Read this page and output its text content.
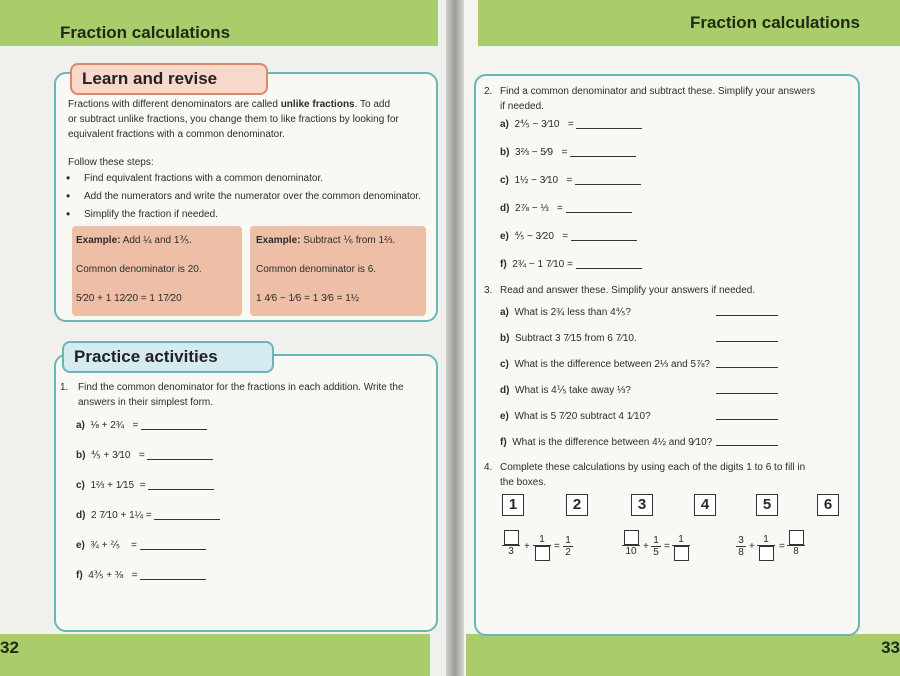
Fraction calculations
Fraction calculations
32	33
Learn and revise
Fractions with different denominators are called unlike fractions. To add
or subtract unlike fractions, you change them to like fractions by looking for
equivalent fractions with a common denominator.
Follow these steps:
• Find equivalent fractions with a common denominator.
• Add the numerators and write the numerator over the common denominator.
• Simplify the fraction if needed.
Example: Add ¼ and 1⅗.
Common denominator is 20.
5⁄20 + 1 12⁄20 = 1 17⁄20
Example: Subtract ⅙ from 1⅔.
Common denominator is 6.
1 4⁄6 − 1⁄6 = 1 3⁄6 = 1½
Practice activities
1. Find the common denominator for the fractions in each addition. Write the
answers in their simplest form.
a) ⅛ + 2¾ =
b) ⅘ + 3⁄10 =
c) 1⅔ + 1⁄15 =
d) 2 7⁄10 + 1¼ =
e) ¾ + ⅖ =
f) 4⅗ + ⅜ =
2. Find a common denominator and subtract these. Simplify your answers
if needed.
a) 2⅘ − 3⁄10 =
b) 3⅔ − 5⁄9 =
c) 1½ − 3⁄10 =
d) 2⅞ − ⅓ =
e) ⅘ − 3⁄20 =
f) 2¾ − 1 7⁄10 =
3. Read and answer these. Simplify your answers if needed.
a) What is 2¾ less than 4⅘?
b) Subtract 3 7⁄15 from 6 7⁄10.
c) What is the difference between 2⅓ and 5⅞?
d) What is 4⅕ take away ⅓?
e) What is 5 7⁄20 subtract 4 1⁄10?
f) What is the difference between 4½ and 9⁄10?
4. Complete these calculations by using each of the digits 1 to 6 to fill in
the boxes.
1	2	3	4	5	6
3	+
1
= $\frac{1}{2}$	$10 + \frac{1}{5}$ =
1	$\frac{3}{8}$ +
1
= 8
